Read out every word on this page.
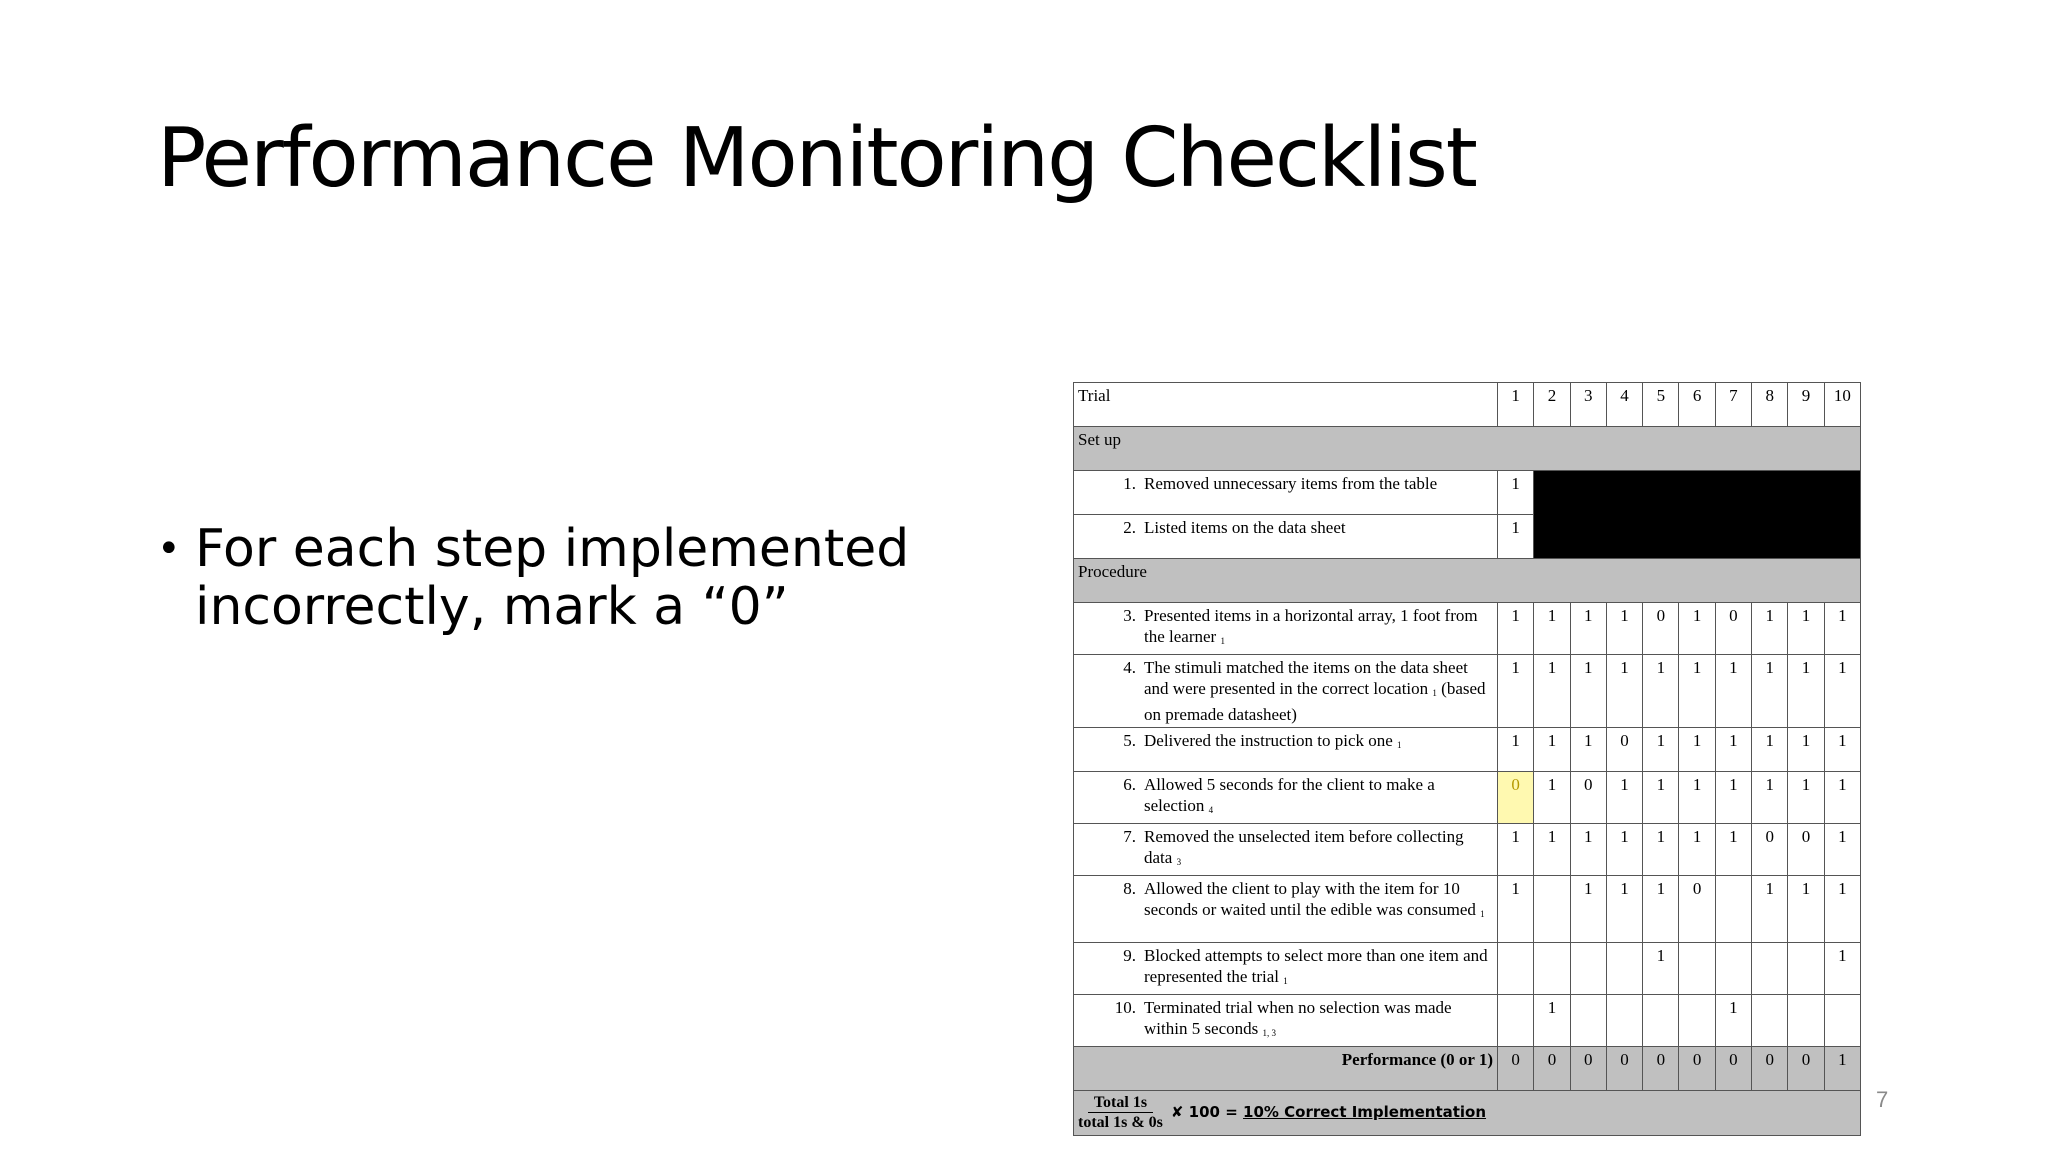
Performance Monitoring Checklist
• For each step implemented incorrectly, mark a “0”
Trial	1	2	3	4	5	6	7	8	9	10
Set up										

1. Removed unnecessary items from the table	1									

2. Listed items on the data sheet	1									
Procedure										

3. Presented items in a horizontal array, 1 foot from the learner $_1$	1	1	1	1	0	1	0	1	1	1

4. The stimuli matched the items on the data sheet and were presented in the correct location $_1$ (based on premade datasheet)	1	1	1	1	1	1	1	1	1	1

5. Delivered the instruction to pick one $_1$	1	1	1	0	1	1	1	1	1	1

6. Allowed 5 seconds for the client to make a selection $_4$	0	1	0	1	1	1	1	1	1	1

7. Removed the unselected item before collecting data $_3$	1	1	1	1	1	1	1	0	0	1

8. Allowed the client to play with the item for 10 seconds or waited until the edible was consumed $_1$	1		1	1	1	0		1	1	1

9. Blocked attempts to select more than one item and represented the trial $_1$					1					1

10. Terminated trial when no selection was made within 5 seconds $_{1, 3}$		1					1			
Performance (0 or 1)	0	0	0	0	0	0	0	0	0	1

$\frac{\text{Total 1s}}{\text{total 1s \& 0s}}$ ✘ 100 = 10% Correct Implementation											7
